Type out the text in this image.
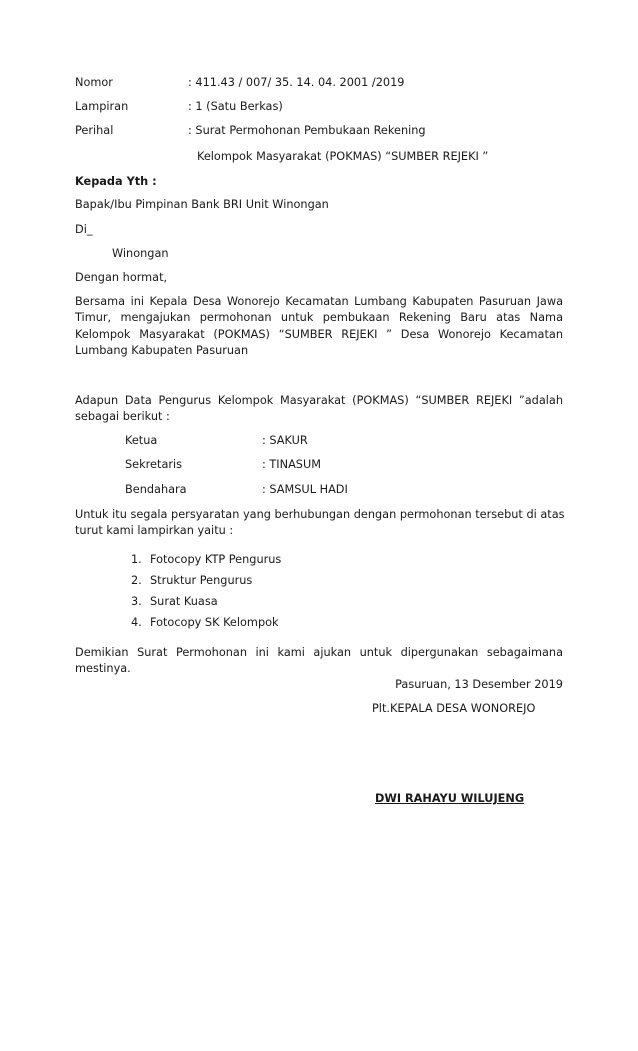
Nomor	: 411.43 / 007/ 35. 14. 04. 2001 /2019
Lampiran	: 1 (Satu Berkas)
Perihal	: Surat Permohonan Pembukaan Rekening
Kelompok Masyarakat (POKMAS) “SUMBER REJEKI ”
Kepada Yth :
Bapak/Ibu Pimpinan Bank BRI Unit Winongan
Di_
Winongan
Dengan hormat,
Bersama ini Kepala Desa Wonorejo Kecamatan Lumbang Kabupaten Pasuruan Jawa
Timur, mengajukan permohonan untuk pembukaan Rekening Baru atas Nama
Kelompok Masyarakat (POKMAS) “SUMBER REJEKI ” Desa Wonorejo Kecamatan
Lumbang Kabupaten Pasuruan
Adapun Data Pengurus Kelompok Masyarakat (POKMAS) “SUMBER REJEKI ”adalah
sebagai berikut :
Ketua	: SAKUR
Sekretaris	: TINASUM
Bendahara	: SAMSUL HADI
Untuk itu segala persyaratan yang berhubungan dengan permohonan tersebut di atas
turut kami lampirkan yaitu :
1. Fotocopy KTP Pengurus
2. Struktur Pengurus
3. Surat Kuasa
4. Fotocopy SK Kelompok
Demikian Surat Permohonan ini kami ajukan untuk dipergunakan sebagaimana
mestinya.
Pasuruan, 13 Desember 2019
Plt.KEPALA DESA WONOREJO
DWI RAHAYU WILUJENG
